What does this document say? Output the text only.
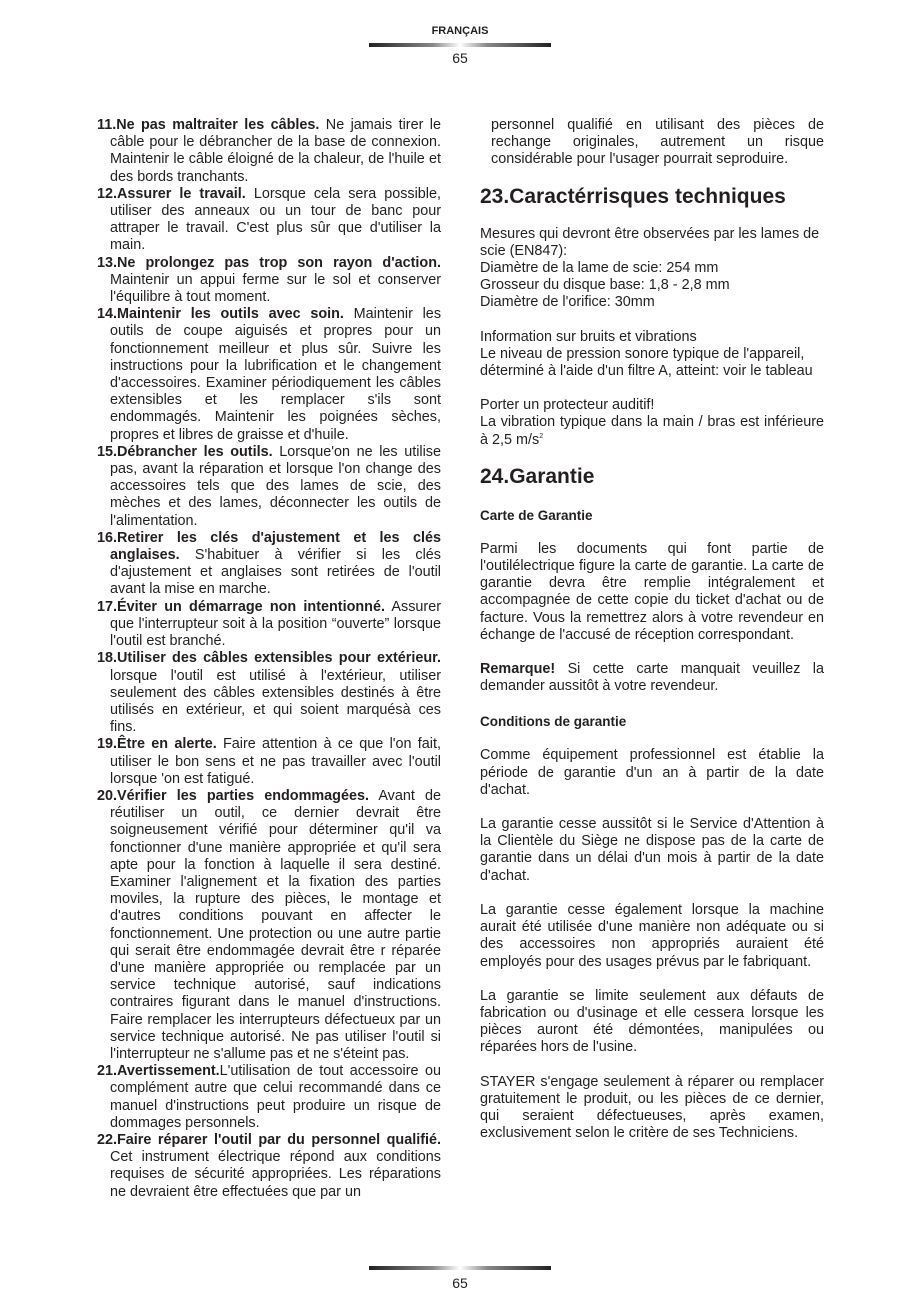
FRANÇAIS
65

11.Ne pas maltraiter les câbles. Ne jamais tirer le câble pour le débrancher de la base de connexion. Maintenir le câble éloigné de la chaleur, de l'huile et des bords tranchants.

12.Assurer le travail. Lorsque cela sera possible, utiliser des anneaux ou un tour de banc pour attraper le travail. C'est plus sûr que d'utiliser la main.

13.Ne prolongez pas trop son rayon d'action. Maintenir un appui ferme sur le sol et conserver l'équilibre à tout moment.

14.Maintenir les outils avec soin. Maintenir les outils de coupe aiguisés et propres pour un fonctionnement meilleur et plus sûr. Suivre les instructions pour la lubrification et le changement d'accessoires. Examiner périodiquement les câbles extensibles et les remplacer s'ils sont endommagés. Maintenir les poignées sèches, propres et libres de graisse et d'huile.

15.Débrancher les outils. Lorsque'on ne les utilise pas, avant la réparation et lorsque l'on change des accessoires tels que des lames de scie, des mèches et des lames, déconnecter les outils de l'alimentation.

16.Retirer les clés d'ajustement et les clés anglaises. S'habituer à vérifier si les clés d'ajustement et anglaises sont retirées de l'outil avant la mise en marche.

17.Éviter un démarrage non intentionné. Assurer que l'interrupteur soit à la position “ouverte” lorsque l'outil est branché.

18.Utiliser des câbles extensibles pour extérieur. lorsque l'outil est utilisé à l'extérieur, utiliser seulement des câbles extensibles destinés à être utilisés en extérieur, et qui soient marquésà ces fins.

19.Être en alerte. Faire attention à ce que l'on fait, utiliser le bon sens et ne pas travailler avec l'outil lorsque 'on est fatigué.

20.Vérifier les parties endommagées. Avant de réutiliser un outil, ce dernier devrait être soigneusement vérifié pour déterminer qu'il va fonctionner d'une manière appropriée et qu'il sera apte pour la fonction à laquelle il sera destiné. Examiner l'alignement et la fixation des parties moviles, la rupture des pièces, le montage et d'autres conditions pouvant en affecter le fonctionnement. Une protection ou une autre partie qui serait être endommagée devrait être r réparée d'une manière appropriée ou remplacée par un service technique autorisé, sauf indications contraires figurant dans le manuel d'instructions. Faire remplacer les interrupteurs défectueux par un service technique autorisé. Ne pas utiliser l'outil si l'interrupteur ne s'allume pas et ne s'éteint pas.

21.Avertissement.L'utilisation de tout accessoire ou complément autre que celui recommandé dans ce manuel d'instructions peut produire un risque de dommages personnels.

22.Faire réparer l'outil par du personnel qualifié. Cet instrument électrique répond aux conditions requises de sécurité appropriées. Les réparations ne devraient être effectuées que par un

personnel qualifié en utilisant des pièces de rechange originales, autrement un risque considérable pour l'usager pourrait seproduire.

23.Caractérrisques techniques
Mesures qui devront être observées par les lames de scie (EN847):
Diamètre de la lame de scie: 254 mm
Grosseur du disque base: 1,8 - 2,8 mm
Diamètre de l'orifice: 30mm
Information sur bruits et vibrations
Le niveau de pression sonore typique de l'appareil, déterminé à l'aide d'un filtre A, atteint: voir le tableau
Porter un protecteur auditif!
La vibration typique dans la main / bras est inférieure à 2,5 $m/s^2$
24.Garantie
Carte de Garantie

Parmi les documents qui font partie de l'outilélectrique figure la carte de garantie. La carte de garantie devra être remplie intégralement et accompagnée de cette copie du ticket d'achat ou de facture. Vous la remettrez alors à votre revendeur en échange de l'accusé de réception correspondant.

Remarque! Si cette carte manquait veuillez la demander aussitôt à votre revendeur.

Conditions de garantie

Comme équipement professionnel est établie la période de garantie d'un an à partir de la date d'achat.

La garantie cesse aussitôt si le Service d'Attention à la Clientèle du Siège ne dispose pas de la carte de garantie dans un délai d'un mois à partir de la date d'achat.

La garantie cesse également lorsque la machine aurait été utilisée d'une manière non adéquate ou si des accessoires non appropriés auraient été employés pour des usages prévus par le fabriquant.

La garantie se limite seulement aux défauts de fabrication ou d'usinage et elle cessera lorsque les pièces auront été démontées, manipulées ou réparées hors de l'usine.

STAYER s'engage seulement à réparer ou remplacer gratuitement le produit, ou les pièces de ce dernier, qui seraient défectueuses, après examen, exclusivement selon le critère de ses Techniciens.

65
